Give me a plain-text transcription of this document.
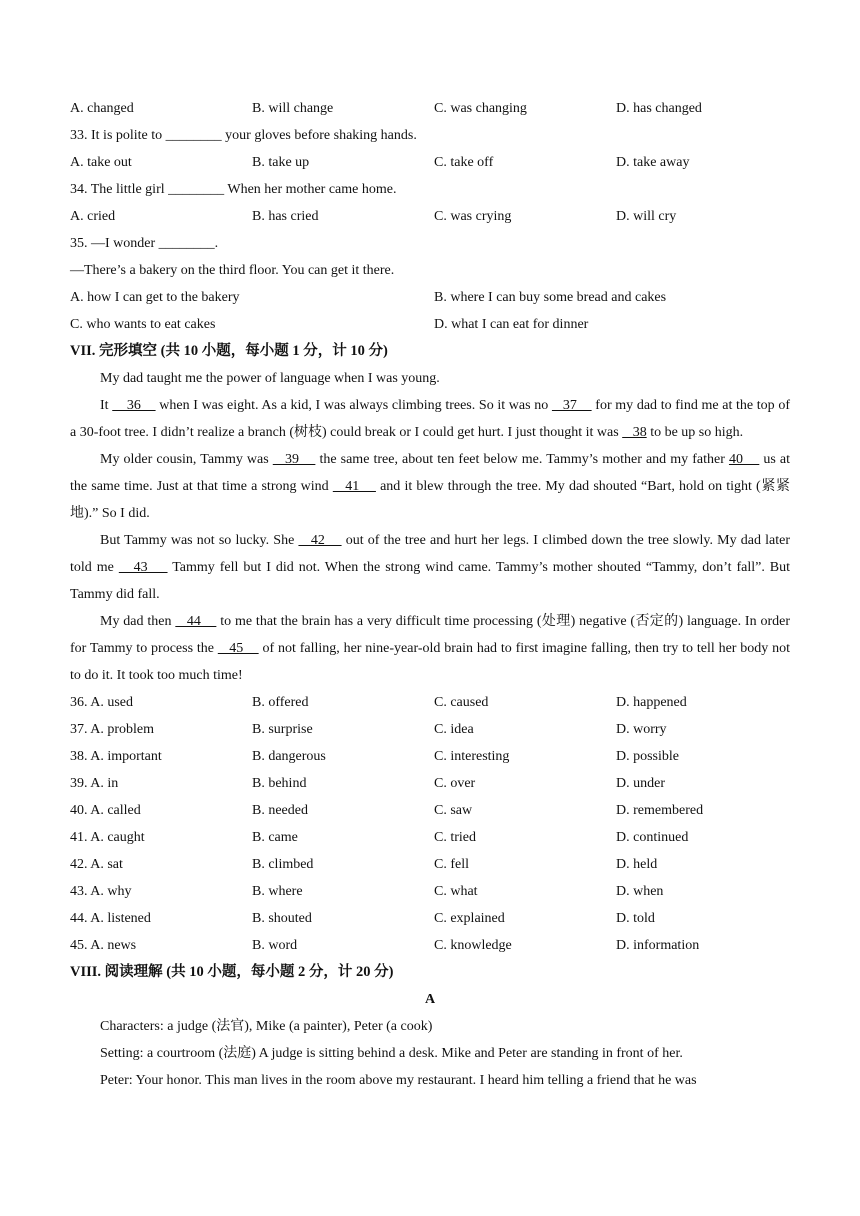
A. changed	B. will change	C. was changing	D. has changed
33. It is polite to ________ your gloves before shaking hands.
A. take out	B. take up	C. take off	D. take away
34. The little girl ________ When her mother came home.
A. cried	B. has cried	C. was crying	D. will cry
35. —I wonder ________.
—There’s a bakery on the third floor. You can get it there.
A. how I can get to the bakery	B. where I can buy some bread and cakes
C. who wants to eat cakes	D. what I can eat for dinner
VII. 完形填空 (共 10 小题，每小题 1 分，计 10 分)

My dad taught me the power of language when I was young.

It     36     when I was eight. As a kid, I was always climbing trees. So it was no    37     for my dad to find me at the top of a 30-foot tree. I didn’t realize a branch (树枝) could break or I could get hurt. I just thought it was    38 to be up so high.

My older cousin, Tammy was    39     the same tree, about ten feet below me. Tammy’s mother and my father 40     us at the same time. Just at that time a strong wind    41     and it blew through the tree. My dad shouted “Bart, hold on tight (紧紧地).” So I did.

But Tammy was not so lucky. She    42     out of the tree and hurt her legs. I climbed down the tree slowly. My dad later told me    43     Tammy fell but I did not. When the strong wind came. Tammy’s mother shouted “Tammy, don’t fall”. But Tammy did fall.

My dad then    44     to me that the brain has a very difficult time processing (处理) negative (否定的) language. In order for Tammy to process the    45     of not falling, her nine-year-old brain had to first imagine falling, then try to tell her body not to do it. It took too much time!

36. A. used	B. offered	C. caused	D. happened
37. A. problem	B. surprise	C. idea	D. worry
38. A. important	B. dangerous	C. interesting	D. possible
39. A. in	B. behind	C. over	D. under
40. A. called	B. needed	C. saw	D. remembered
41. A. caught	B. came	C. tried	D. continued
42. A. sat	B. climbed	C. fell	D. held
43. A. why	B. where	C. what	D. when
44. A. listened	B. shouted	C. explained	D. told
45. A. news	B. word	C. knowledge	D. information
VIII. 阅读理解 (共 10 小题，每小题 2 分，计 20 分)
A

Characters: a judge (法官), Mike (a painter), Peter (a cook)

Setting: a courtroom (法庭) A judge is sitting behind a desk. Mike and Peter are standing in front of her.

Peter: Your honor. This man lives in the room above my restaurant. I heard him telling a friend that he was
